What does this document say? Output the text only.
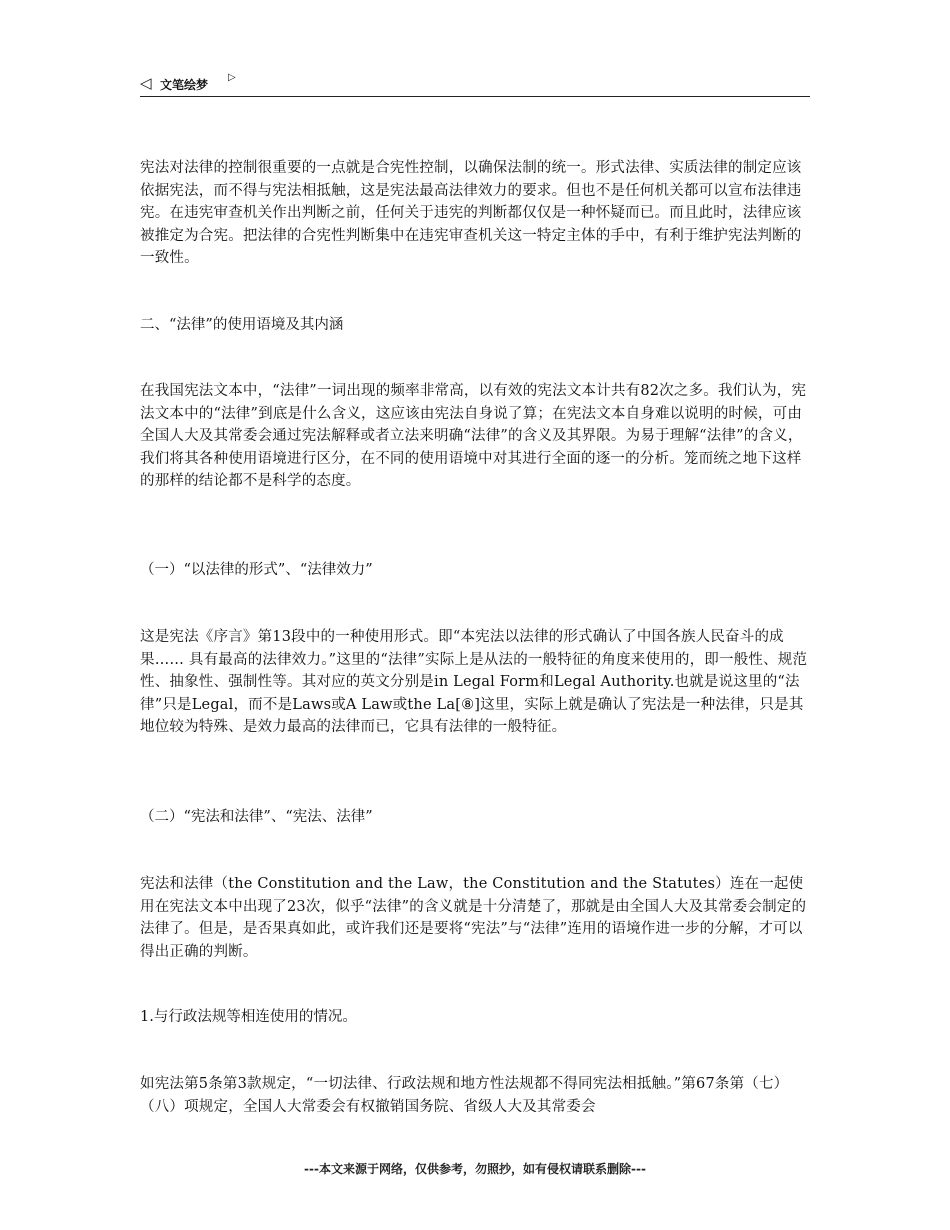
◁ 文笔绘梦
▷

宪法对法律的控制很重要的一点就是合宪性控制，以确保法制的统一。形式法律、实质法律的制定应该依据宪法，而不得与宪法相抵触，这是宪法最高法律效力的要求。但也不是任何机关都可以宣布法律违宪。在违宪审查机关作出判断之前，任何关于违宪的判断都仅仅是一种怀疑而已。而且此时，法律应该被推定为合宪。把法律的合宪性判断集中在违宪审查机关这一特定主体的手中，有利于维护宪法判断的一致性。

二、“法律”的使用语境及其内涵

在我国宪法文本中，“法律”一词出现的频率非常高，以有效的宪法文本计共有82次之多。我们认为，宪法文本中的“法律”到底是什么含义，这应该由宪法自身说了算；在宪法文本自身难以说明的时候，可由全国人大及其常委会通过宪法解释或者立法来明确“法律”的含义及其界限。为易于理解“法律”的含义，我们将其各种使用语境进行区分，在不同的使用语境中对其进行全面的逐一的分析。笼而统之地下这样的那样的结论都不是科学的态度。

（一）“以法律的形式”、“法律效力”

这是宪法《序言》第13段中的一种使用形式。即“本宪法以法律的形式确认了中国各族人民奋斗的成果…… 具有最高的法律效力。”这里的“法律”实际上是从法的一般特征的角度来使用的，即一般性、规范性、抽象性、强制性等。其对应的英文分别是in Legal Form和Legal Authority.也就是说这里的“法律”只是Legal，而不是Laws或A Law或the La[⑧]这里，实际上就是确认了宪法是一种法律，只是其地位较为特殊、是效力最高的法律而已，它具有法律的一般特征。

（二）“宪法和法律”、“宪法、法律”

宪法和法律（the Constitution and the Law，the Constitution and the Statutes）连在一起使用在宪法文本中出现了23次，似乎“法律”的含义就是十分清楚了，那就是由全国人大及其常委会制定的法律了。但是，是否果真如此，或许我们还是要将“宪法”与“法律”连用的语境作进一步的分解，才可以得出正确的判断。

1.与行政法规等相连使用的情况。

如宪法第5条第3款规定，“一切法律、行政法规和地方性法规都不得同宪法相抵触。”第67条第（七）（八）项规定，全国人大常委会有权撤销国务院、省级人大及其常委会

---本文来源于网络，仅供参考，勿照抄，如有侵权请联系删除---
